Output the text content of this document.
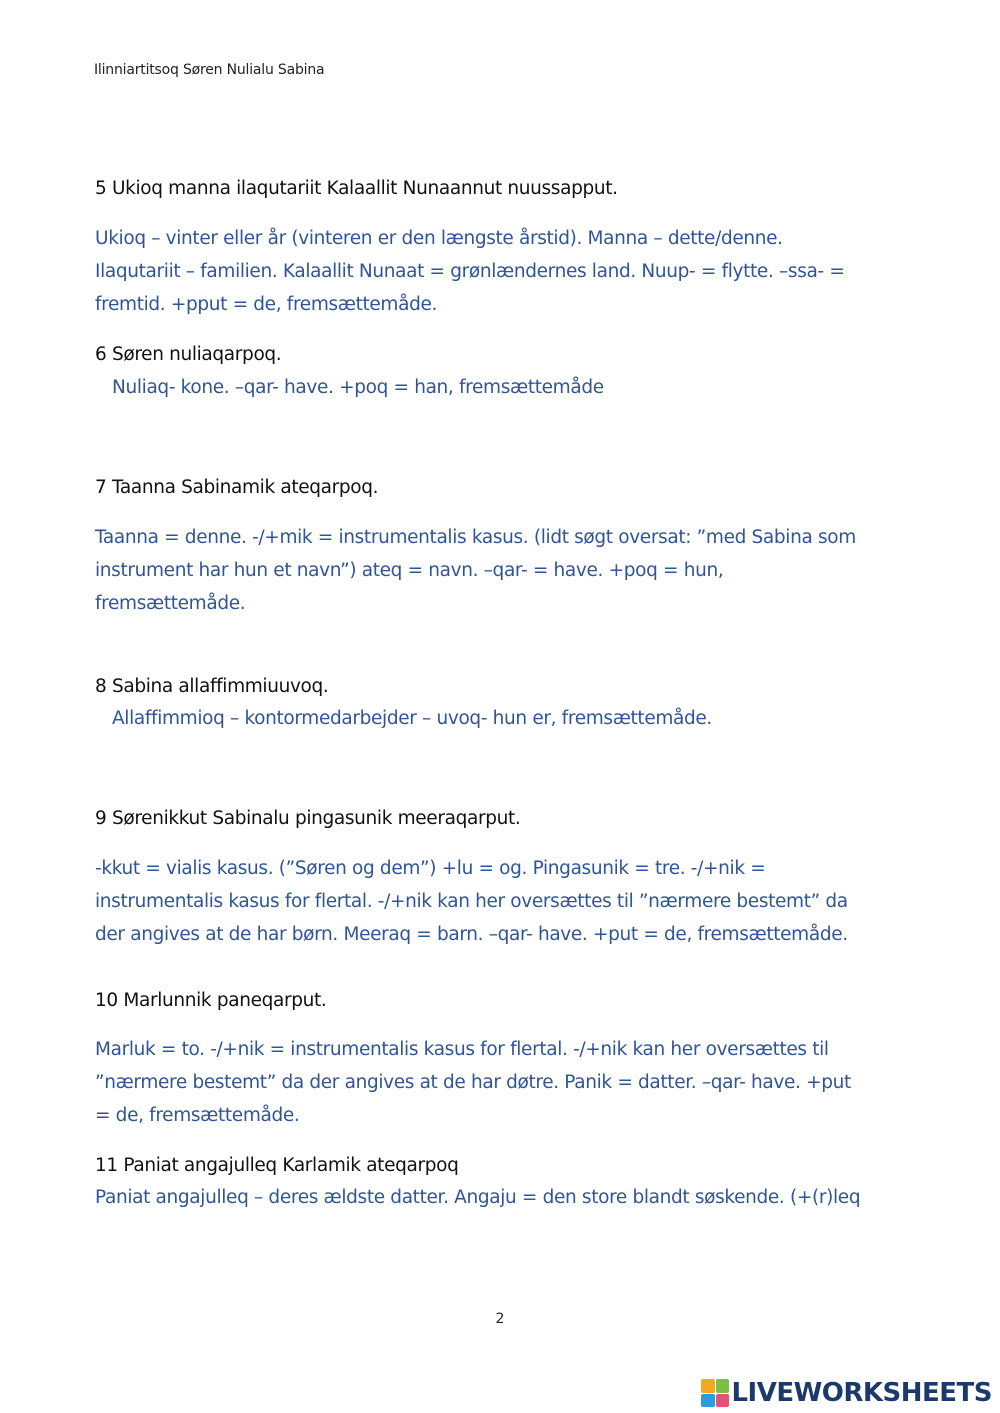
Ilinniartitsoq Søren Nulialu Sabina
5 Ukioq manna ilaqutariit Kalaallit Nunaannut nuussapput.
Ukioq – vinter eller år (vinteren er den længste årstid). Manna – dette/denne.
Ilaqutariit – familien. Kalaallit Nunaat = grønlændernes land. Nuup- = flytte. –ssa- =
fremtid. +pput = de, fremsættemåde.
6 Søren nuliaqarpoq.
Nuliaq- kone. –qar- have. +poq = han, fremsættemåde
7 Taanna Sabinamik ateqarpoq.
Taanna = denne. -/+mik = instrumentalis kasus. (lidt søgt oversat: ”med Sabina som
instrument har hun et navn”) ateq = navn. –qar- = have. +poq = hun,
fremsættemåde.
8 Sabina allaffimmiuuvoq.
Allaffimmioq – kontormedarbejder – uvoq- hun er, fremsættemåde.
9 Sørenikkut Sabinalu pingasunik meeraqarput.
-kkut = vialis kasus. (”Søren og dem”) +lu = og. Pingasunik = tre. -/+nik =
instrumentalis kasus for flertal. -/+nik kan her oversættes til ”nærmere bestemt” da
der angives at de har børn. Meeraq = barn. –qar- have. +put = de, fremsættemåde.
10 Marlunnik paneqarput.
Marluk = to. -/+nik = instrumentalis kasus for flertal. -/+nik kan her oversættes til
”nærmere bestemt” da der angives at de har døtre. Panik = datter. –qar- have. +put
= de, fremsættemåde.
11 Paniat angajulleq Karlamik ateqarpoq
Paniat angajulleq – deres ældste datter. Angaju = den store blandt søskende. (+(r)leq
2
LIVEWORKSHEETS
